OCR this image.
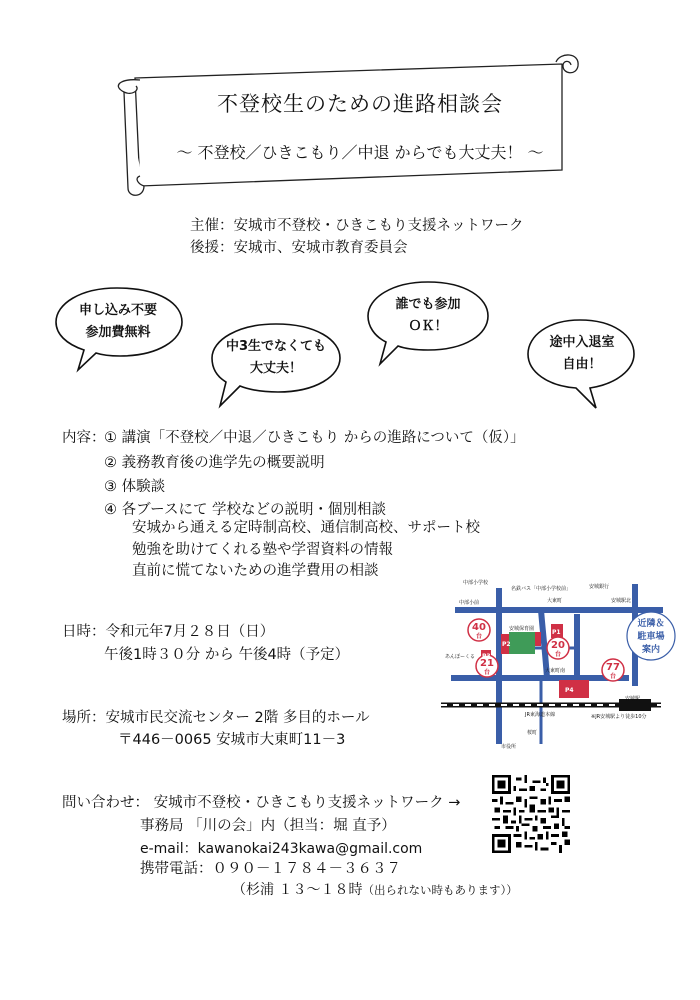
不登校生のための進路相談会
～ 不登校／ひきこもり／中退 からでも大丈夫！ ～
主催：安城市不登校・ひきこもり支援ネットワーク
後援：安城市、安城市教育委員会
申し込み不要
参加費無料
中3生でなくても
大丈夫！
誰でも参加
ＯＫ！
途中入退室
自由！
内容：
① 講演「不登校／中退／ひきこもり からの進路について（仮）」
② 義務教育後の進学先の概要説明
③ 体験談
④ 各ブースにて 学校などの説明・個別相談
安城から通える定時制高校、通信制高校、サポート校
勉強を助けてくれる塾や学習資料の情報
直前に慌てないための進学費用の相談
日時：令和元年7月２８日（日）
午後1時３０分 から 午後4時（予定）
場所：安城市民交流センター 2階 多目的ホール
〒446－0065 安城市大東町11－3
問い合わせ： 安城市不登校・ひきこもり支援ネットワーク →
事務局 「川の会」内（担当：堀 直予）
e-mail：kawanokai243kawa@gmail.com
携帯電話：０９０－１７８４－３６３７
（杉浦 １３～１８時（出られない時もあります））
40
台
21
台
20
台
77
台
近隣＆
駐車場
案内
中部小学校
名鉄バス「中部小学校前」	安城銀行
大東町	安城駅北
中部小前
安城保育園
大東町南
あんぽーくる
JR東海道本線
安城駅
桜町
市役所
※JR安城駅より徒歩10分
P4
P1
P2
P3
